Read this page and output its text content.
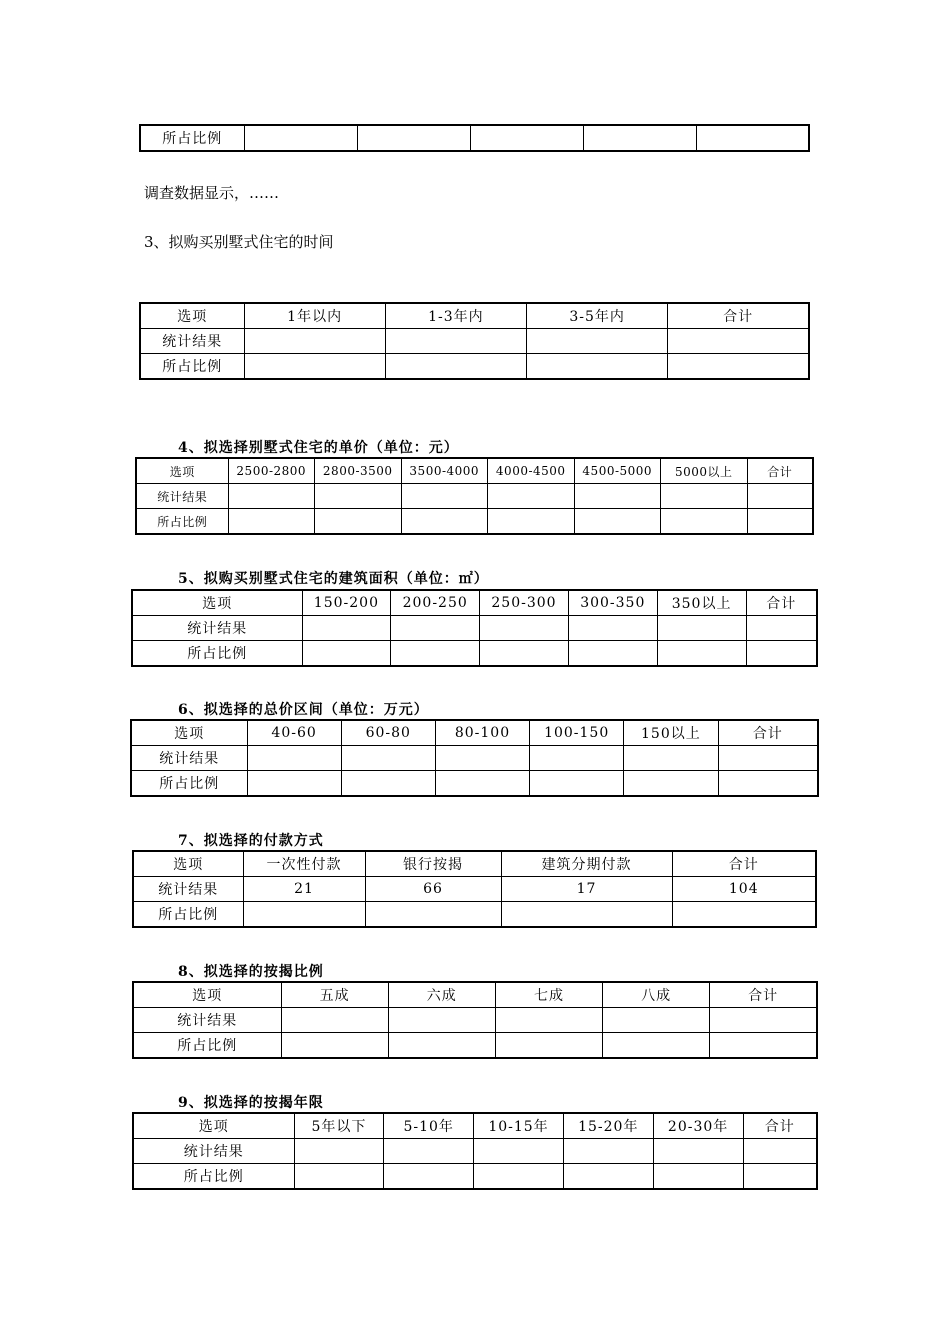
所占比例					
调查数据显示，……
3、拟购买别墅式住宅的时间
选项	1年以内	1-3年内	3-5年内	合计
统计结果				
所占比例				
4、拟选择别墅式住宅的单价（单位：元）
选项	2500-2800	2800-3500	3500-4000	4000-4500	4500-5000	5000以上	合计
统计结果							
所占比例							
5、拟购买别墅式住宅的建筑面积（单位：㎡）
选项	150-200	200-250	250-300	300-350	350以上	合计
统计结果						
所占比例						
6、拟选择的总价区间（单位：万元）
选项	40-60	60-80	80-100	100-150	150以上	合计
统计结果						
所占比例						
7、拟选择的付款方式
选项	一次性付款	银行按揭	建筑分期付款	合计
统计结果	21	66	17	104
所占比例				
8、拟选择的按揭比例
选项	五成	六成	七成	八成	合计
统计结果					
所占比例					
9、拟选择的按揭年限
选项	5年以下	5-10年	10-15年	15-20年	20-30年	合计
统计结果						
所占比例						
